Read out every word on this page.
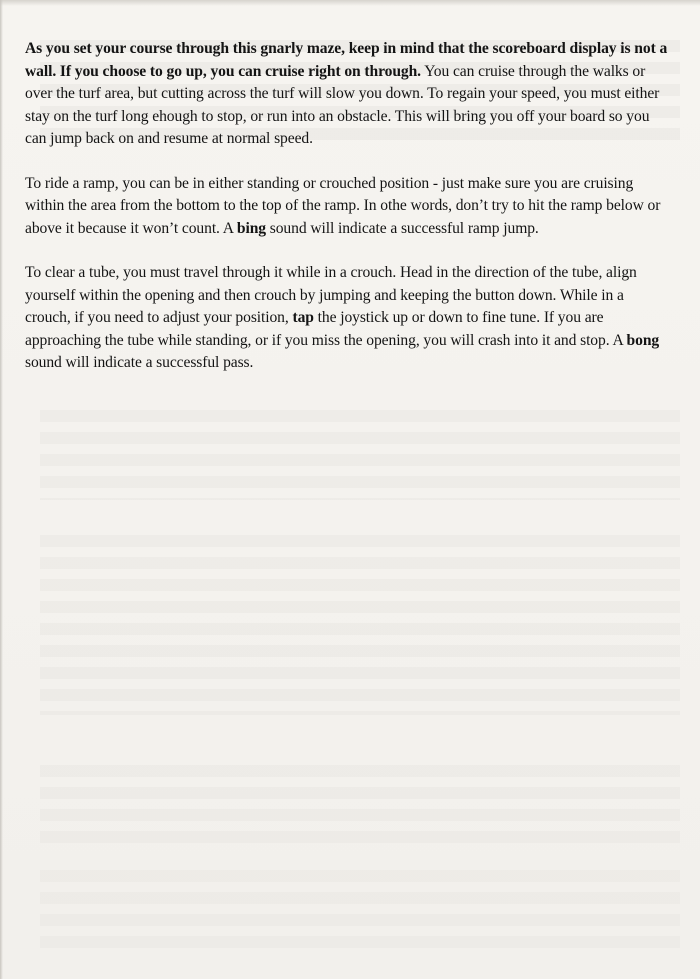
As you set your course through this gnarly maze, keep in mind that the scoreboard display is not a wall. If you choose to go up, you can cruise right on through. You can cruise through the walks or over the turf area, but cutting across the turf will slow you down. To regain your speed, you must either stay on the turf long ehough to stop, or run into an obstacle. This will bring you off your board so you can jump back on and resume at normal speed.

To ride a ramp, you can be in either standing or crouched position - just make sure you are cruising within the area from the bottom to the top of the ramp. In othe words, don’t try to hit the ramp below or above it because it won’t count. A bing sound will indicate a successful ramp jump.

To clear a tube, you must travel through it while in a crouch. Head in the direction of the tube, align yourself within the opening and then crouch by jumping and keeping the button down. While in a crouch, if you need to adjust your position, tap the joystick up or down to fine tune. If you are approaching the tube while standing, or if you miss the opening, you will crash into it and stop. A bong sound will indicate a successful pass.
